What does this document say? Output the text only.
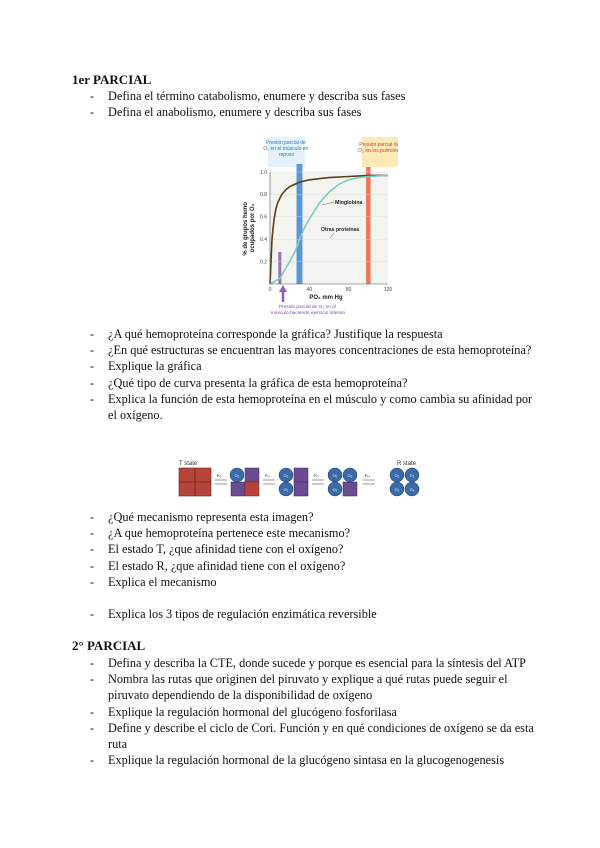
1er PARCIAL
- Defina el término catabolismo, enumere y describa sus fases
- Defina el anabolismo, enumere y describa sus fases
Presión parcial de O₂ en el músculo en reposo
Presión parcial de O₂ en los pulmones
0.2
0.4
0.6
0.8
1.0
0	40	80	120
PO₂ mm Hg
% de grupos hemo ocupados por O₂
Mioglobina
Otras proteínas
Presión parcial de O₂ en el músculo haciendo ejercicio intenso
- ¿A qué hemoproteína corresponde la gráfica? Justifique la respuesta
- ¿En qué estructuras se encuentran las mayores concentraciones de esta hemoproteína?
- Explique la gráfica
- ¿Qué tipo de curva presenta la gráfica de esta hemoproteína?
- Explica la función de esta hemoproteína en el músculo y como cambia su afinidad por el oxígeno.
T state	R state
K₁	O₂	K₂	O₂
O₂
K₃	O₂	O₂
O₂
K₄	O₂	O₂
O₂	O₂
- ¿Qué mecanismo representa esta imagen?
- ¿A que hemoproteína pertenece este mecanismo?
- El estado T, ¿que afinidad tiene con el oxígeno?
- El estado R, ¿que afinidad tiene con el oxígeno?
- Explica el mecanismo
- Explica los 3 tipos de regulación enzimática reversible
2° PARCIAL
- Defina y describa la CTE, donde sucede y porque es esencial para la síntesis del ATP
- Nombra las rutas que originen del piruvato y explique a qué rutas puede seguir el piruvato dependiendo de la disponibilidad de oxígeno
- Explique la regulación hormonal del glucógeno fosforilasa
- Define y describe el ciclo de Cori. Función y en qué condiciones de oxígeno se da esta ruta
- Explique la regulación hormonal de la glucógeno sintasa en la glucogenogenesis
